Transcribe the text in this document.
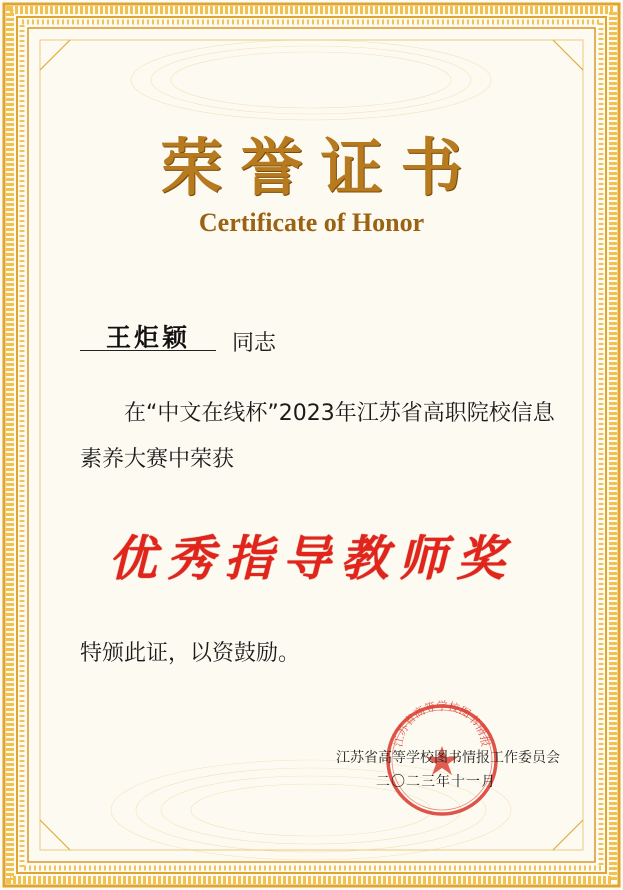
荣誉证书
Certificate of Honor
王炬颖	同志
在“中文在线杯”2023年江苏省高职院校信息素养大赛中荣获
优秀指导教师奖
特颁此证，以资鼓励。
江苏省高等学校图书情报
江苏省高等学校图书情报工作委员会
二〇二三年十一月
